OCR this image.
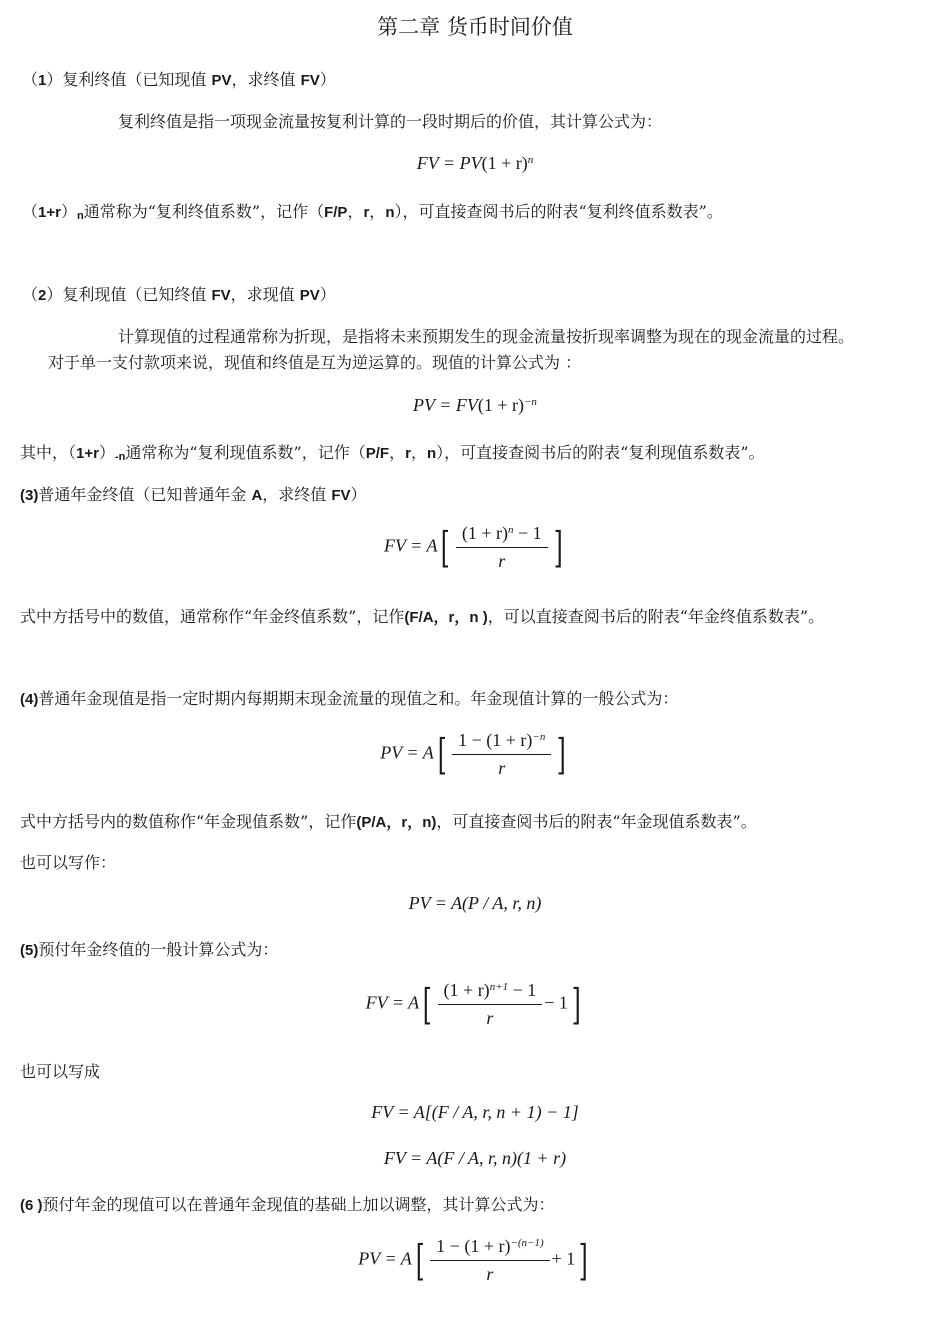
第二章 货币时间价值
（1）复利终值（已知现值 PV，求终值 FV）
复利终值是指一项现金流量按复利计算的一段时期后的价值，其计算公式为：
FV = $PV(1 + r)^n$
（1+r）n通常称为“复利终值系数”，记作（F/P，r，n），可直接查阅书后的附表“复利终值系数表”。
（2）复利现值（已知终值 FV，求现值 PV）
计算现值的过程通常称为折现，是指将未来预期发生的现金流量按折现率调整为现在的现金流量的过程。
对于单一支付款项来说，现值和终值是互为逆运算的。现值的计算公式为 ：
PV = $FV(1 + r)^{-n}$
其中，（1+r）-n通常称为“复利现值系数”，记作（P/F，r，n），可直接查阅书后的附表“复利现值系数表”。
(3)普通年金终值（已知普通年金 A，求终值 FV）
FV = $A[ \frac{(1 + r)^n - 1}{r}$ ]
式中方括号中的数值，通常称作“年金终值系数”，记作(F/A，r，n )，可以直接查阅书后的附表“年金终值系数表”。
(4)普通年金现值是指一定时期内每期期末现金流量的现值之和。年金现值计算的一般公式为：
PV = $A[ \frac{1 - (1 + r)^{-n}}{r}$ ]
式中方括号内的数值称作“年金现值系数”，记作(P/A，r，n)，可直接查阅书后的附表“年金现值系数表”。
也可以写作：
PV = A(P / A, r, n)
(5)预付年金终值的一般计算公式为：
FV = $A[ \frac{(1 + r)^{n+1} - 1}{r} - 1]$
也可以写成
FV = A[(F / A, r, n + 1) − 1]
FV = A(F / A, r, n)(1 + r)
(6 )预付年金的现值可以在普通年金现值的基础上加以调整，其计算公式为：
PV = $A[ \frac{1 - (1 + r)^{-(n-1)}}{r} + 1]$
